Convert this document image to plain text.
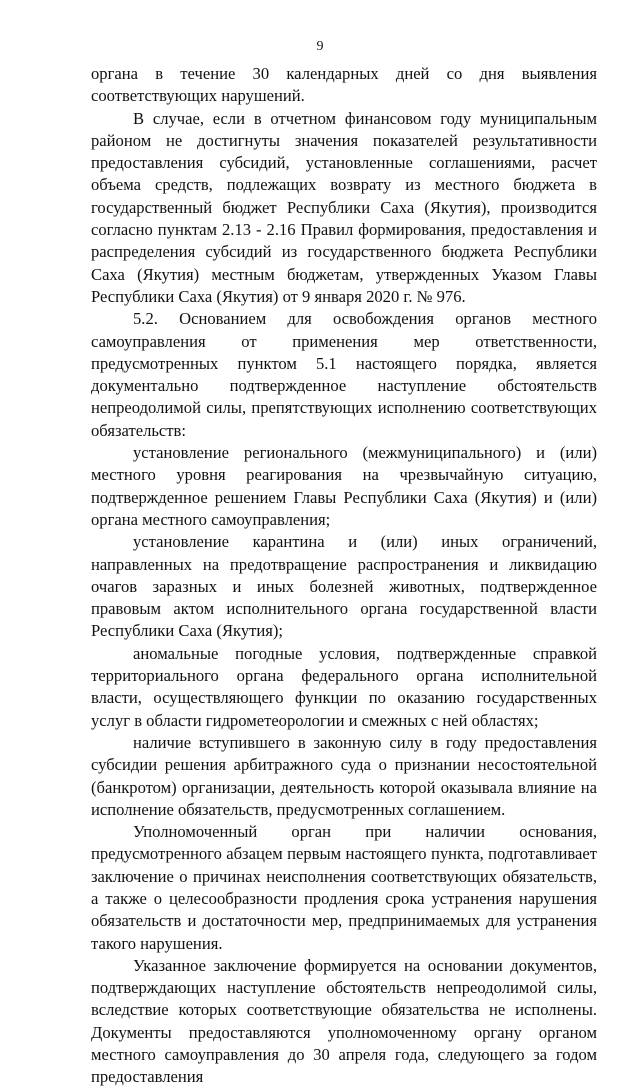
9

органа в течение 30 календарных дней со дня выявления соответствующих нарушений.

В случае, если в отчетном финансовом году муниципальным районом не достигнуты значения показателей результативности предоставления субсидий, установленные соглашениями, расчет объема средств, подлежащих возврату из местного бюджета в государственный бюджет Республики Саха (Якутия), производится согласно пунктам 2.13 - 2.16 Правил формирования, предоставления и распределения субсидий из государственного бюджета Республики Саха (Якутия) местным бюджетам, утвержденных Указом Главы Республики Саха (Якутия) от 9 января 2020 г. № 976.

5.2. Основанием для освобождения органов местного самоуправления от применения мер ответственности, предусмотренных пунктом 5.1 настоящего порядка, является документально подтвержденное наступление обстоятельств непреодолимой силы, препятствующих исполнению соответствующих обязательств:

установление регионального (межмуниципального) и (или) местного уровня реагирования на чрезвычайную ситуацию, подтвержденное решением Главы Республики Саха (Якутия) и (или) органа местного самоуправления;

установление карантина и (или) иных ограничений, направленных на предотвращение распространения и ликвидацию очагов заразных и иных болезней животных, подтвержденное правовым актом исполнительного органа государственной власти Республики Саха (Якутия);

аномальные погодные условия, подтвержденные справкой территориального органа федерального органа исполнительной власти, осуществляющего функции по оказанию государственных услуг в области гидрометеорологии и смежных с ней областях;

наличие вступившего в законную силу в году предоставления субсидии решения арбитражного суда о признании несостоятельной (банкротом) организации, деятельность которой оказывала влияние на исполнение обязательств, предусмотренных соглашением.

Уполномоченный орган при наличии основания, предусмотренного абзацем первым настоящего пункта, подготавливает заключение о причинах неисполнения соответствующих обязательств, а также о целесообразности продления срока устранения нарушения обязательств и достаточности мер, предпринимаемых для устранения такого нарушения.

Указанное заключение формируется на основании документов, подтверждающих наступление обстоятельств непреодолимой силы, вследствие которых соответствующие обязательства не исполнены. Документы предоставляются уполномоченному органу органом местного самоуправления до 30 апреля года, следующего за годом предоставления
